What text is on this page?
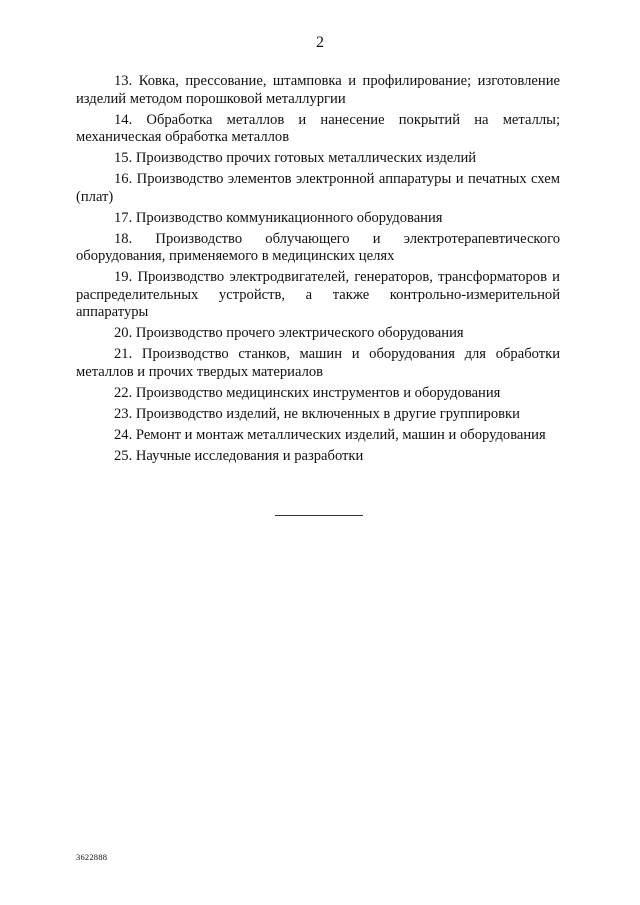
2

13. Ковка, прессование, штамповка и профилирование; изготовление изделий методом порошковой металлургии

14. Обработка металлов и нанесение покрытий на металлы; механическая обработка металлов

15. Производство прочих готовых металлических изделий

16. Производство элементов электронной аппаратуры и печатных схем (плат)

17. Производство коммуникационного оборудования

18. Производство облучающего и электротерапевтического оборудования, применяемого в медицинских целях

19. Производство электродвигателей, генераторов, трансформаторов и распределительных устройств, а также контрольно-измерительной аппаратуры

20. Производство прочего электрического оборудования

21. Производство станков, машин и оборудования для обработки металлов и прочих твердых материалов

22. Производство медицинских инструментов и оборудования

23. Производство изделий, не включенных в другие группировки

24. Ремонт и монтаж металлических изделий, машин и оборудования

25. Научные исследования и разработки

3622888
